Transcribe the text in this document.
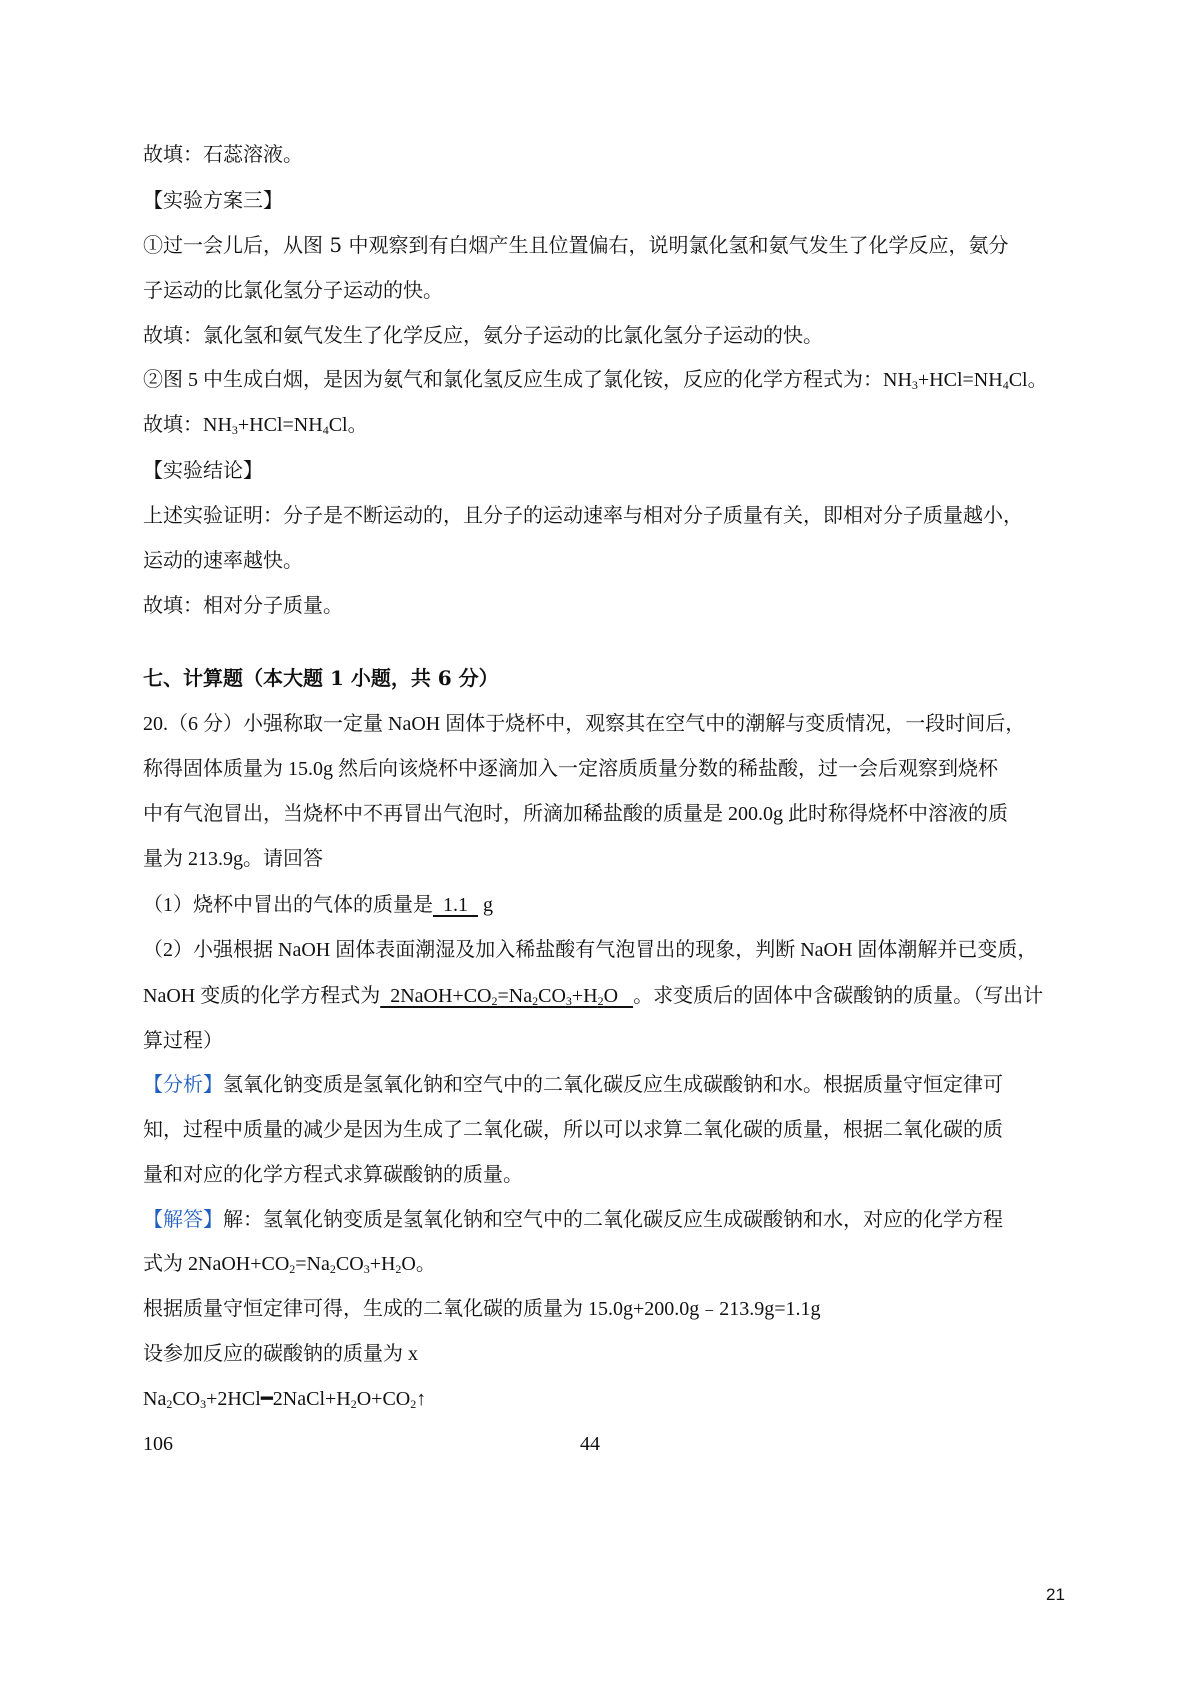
故填：石蕊溶液。
【实验方案三】
①过一会儿后，从图 5 中观察到有白烟产生且位置偏右，说明氯化氢和氨气发生了化学反应，氨分
子运动的比氯化氢分子运动的快。
故填：氯化氢和氨气发生了化学反应，氨分子运动的比氯化氢分子运动的快。
②图 5 中生成白烟，是因为氨气和氯化氢反应生成了氯化铵，反应的化学方程式为：$NH_3+HCl=NH_4Cl$。
故填：$NH_3+HCl=NH_4Cl$。
【实验结论】
上述实验证明：分子是不断运动的，且分子的运动速率与相对分子质量有关，即相对分子质量越小，
运动的速率越快。
故填：相对分子质量。
七、计算题（本大题 1 小题，共 6 分）
20.（6 分）小强称取一定量 NaOH 固体于烧杯中，观察其在空气中的潮解与变质情况，一段时间后，
称得固体质量为 15.0g 然后向该烧杯中逐滴加入一定溶质质量分数的稀盐酸，过一会后观察到烧杯
中有气泡冒出，当烧杯中不再冒出气泡时，所滴加稀盐酸的质量是 200.0g 此时称得烧杯中溶液的质
量为 213.9g。请回答
（1）烧杯中冒出的气体的质量是  1.1   g
（2）小强根据 NaOH 固体表面潮湿及加入稀盐酸有气泡冒出的现象，判断 NaOH 固体潮解并已变质，
NaOH 变质的化学方程式为  $2NaOH+CO_2=Na_2CO_3+H_2O$   。求变质后的固体中含碳酸钠的质量。（写出计
算过程）
【分析】氢氧化钠变质是氢氧化钠和空气中的二氧化碳反应生成碳酸钠和水。根据质量守恒定律可
知，过程中质量的减少是因为生成了二氧化碳，所以可以求算二氧化碳的质量，根据二氧化碳的质
量和对应的化学方程式求算碳酸钠的质量。
【解答】解：氢氧化钠变质是氢氧化钠和空气中的二氧化碳反应生成碳酸钠和水，对应的化学方程
式为 $2NaOH+CO_2=Na_2CO_3+H_2O$。
根据质量守恒定律可得，生成的二氧化碳的质量为 15.0g+200.0g﹣213.9g=1.1g
设参加反应的碳酸钠的质量为 x
$Na_2CO_3+2HCl━2NaCl+H_2O+CO_2↑$
106	44
21
